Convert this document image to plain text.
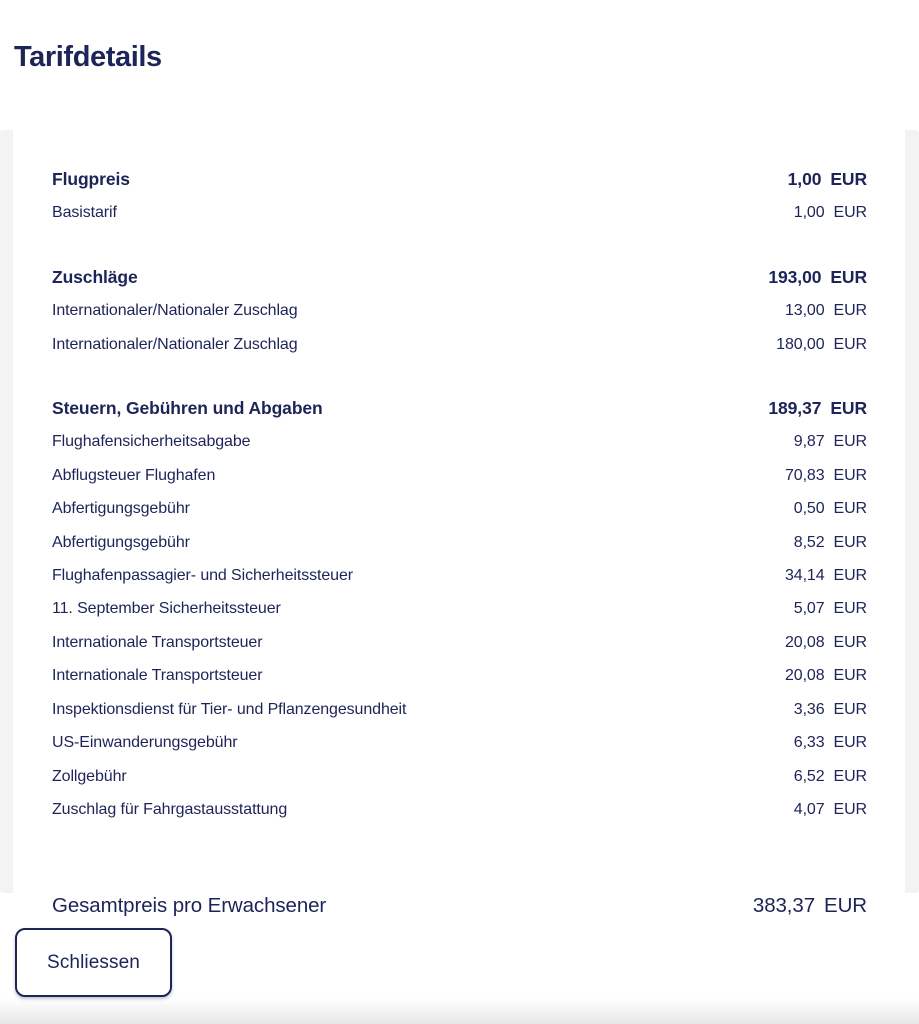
Tarifdetails
Flugpreis	1,00 EUR
Basistarif	1,00 EUR
Zuschläge	193,00 EUR
Internationaler/Nationaler Zuschlag	13,00 EUR
Internationaler/Nationaler Zuschlag	180,00 EUR
Steuern, Gebühren und Abgaben	189,37 EUR
Flughafensicherheitsabgabe	9,87 EUR
Abflugsteuer Flughafen	70,83 EUR
Abfertigungsgebühr	0,50 EUR
Abfertigungsgebühr	8,52 EUR
Flughafenpassagier- und Sicherheitssteuer	34,14 EUR
11. September Sicherheitssteuer	5,07 EUR
Internationale Transportsteuer	20,08 EUR
Internationale Transportsteuer	20,08 EUR
Inspektionsdienst für Tier- und Pflanzengesundheit	3,36 EUR
US-Einwanderungsgebühr	6,33 EUR
Zollgebühr	6,52 EUR
Zuschlag für Fahrgastausstattung	4,07 EUR
Gesamtpreis pro Erwachsener	383,37 EUR
Schliessen
